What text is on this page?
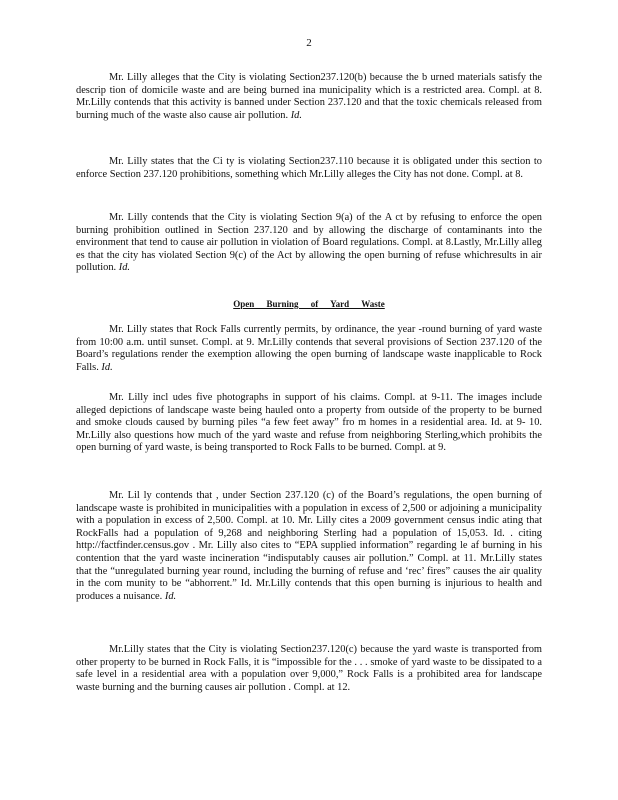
2

Mr. Lilly alleges that the City is violating Section237.120(b) because the b urned materials satisfy the descrip tion of domicile waste and are being burned ina municipality which is a restricted area. Compl. at 8. Mr.Lilly contends that this activity is banned under Section 237.120 and that the toxic chemicals released from burning much of the waste also cause air pollution. Id.

Mr. Lilly states that the Ci ty is violating Section237.110 because it is obligated under this section to enforce Section 237.120 prohibitions, something which Mr.Lilly alleges the City has not done. Compl. at 8.

Mr. Lilly contends that the City is violating Section 9(a) of the A ct by refusing to enforce the open burning prohibition outlined in Section 237.120 and by allowing the discharge of contaminants into the environment that tend to cause air pollution in violation of Board regulations. Compl. at 8.Lastly, Mr.Lilly alleg es that the city has violated Section 9(c) of the Act by allowing the open burning of refuse whichresults in air pollution. Id.

Open Burning of Yard Waste

Mr. Lilly states that Rock Falls currently permits, by ordinance, the year -round burning of yard waste from 10:00 a.m. until sunset. Compl. at 9. Mr.Lilly contends that several provisions of Section 237.120 of the Board’s regulations render the exemption allowing the open burning of landscape waste inapplicable to Rock Falls. Id.

Mr. Lilly incl udes five photographs in support of his claims. Compl. at 9-11. The images include alleged depictions of landscape waste being hauled onto a property from outside of the property to be burned and smoke clouds caused by burning piles “a few feet away” fro m homes in a residential area. Id. at 9- 10. Mr.Lilly also questions how much of the yard waste and refuse from neighboring Sterling,which prohibits the open burning of yard waste, is being transported to Rock Falls to be burned. Compl. at 9.

Mr. Lil ly contends that , under Section 237.120 (c) of the Board’s regulations, the open burning of landscape waste is prohibited in municipalities with a population in excess of 2,500 or adjoining a municipality with a population in excess of 2,500. Compl. at 10. Mr. Lilly cites a 2009 government census indic ating that RockFalls had a population of 9,268 and neighboring Sterling had a population of 15,053. Id. . citing http://factfinder.census.gov . Mr. Lilly also cites to “EPA supplied information” regarding le af burning in his contention that the yard waste incineration “indisputably causes air pollution.” Compl. at 11. Mr.Lilly states that the “unregulated burning year round, including the burning of refuse and ‘rec’ fires” causes the air quality in the com munity to be “abhorrent.” Id. Mr.Lilly contends that this open burning is injurious to health and produces a nuisance. Id.

Mr.Lilly states that the City is violating Section237.120(c) because the yard waste is transported from other property to be burned in Rock Falls, it is “impossible for the . . . smoke of yard waste to be dissipated to a safe level in a residential area with a population over 9,000,” Rock Falls is a prohibited area for landscape waste burning and the burning causes air pollution . Compl. at 12.
